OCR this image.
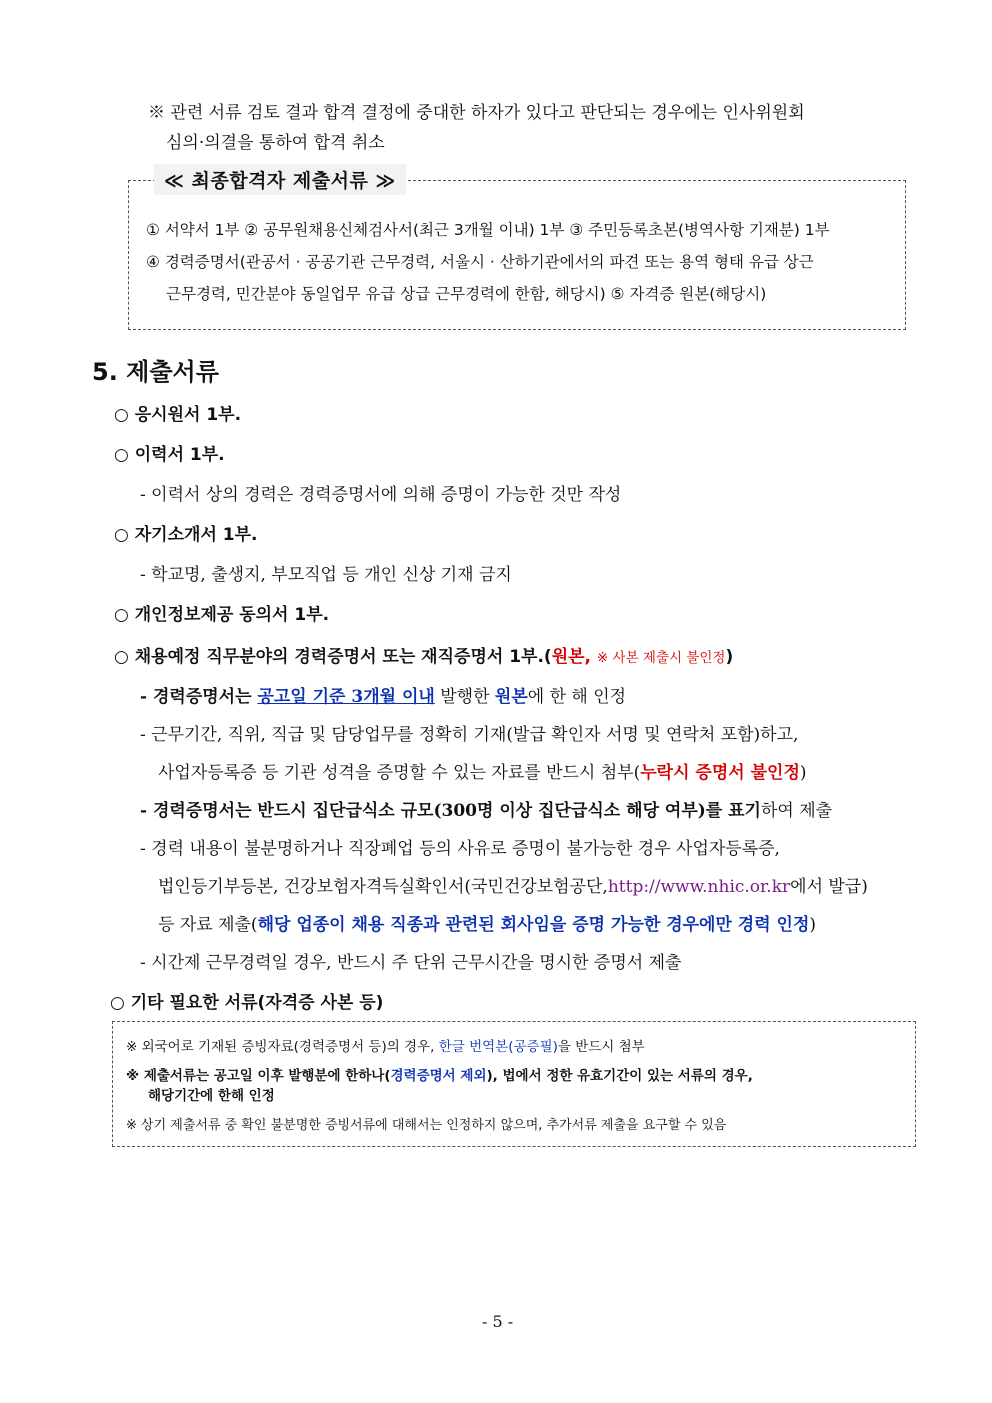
※ 관련 서류 검토 결과 합격 결정에 중대한 하자가 있다고 판단되는 경우에는 인사위원회
심의·의결을 통하여 합격 취소
≪ 최종합격자 제출서류 ≫
① 서약서 1부 ② 공무원채용신체검사서(최근 3개월 이내) 1부 ③ 주민등록초본(병역사항 기재분) 1부
④ 경력증명서(관공서 · 공공기관 근무경력, 서울시 · 산하기관에서의 파견 또는 용역 형태 유급 상근
근무경력, 민간분야 동일업무 유급 상급 근무경력에 한함, 해당시) ⑤ 자격증 원본(해당시)
5. 제출서류
○ 응시원서 1부.
○ 이력서 1부.
- 이력서 상의 경력은 경력증명서에 의해 증명이 가능한 것만 작성
○ 자기소개서 1부.
- 학교명, 출생지, 부모직업 등 개인 신상 기재 금지
○ 개인정보제공 동의서 1부.
○ 채용예정 직무분야의 경력증명서 또는 재직증명서 1부.(원본, ※ 사본 제출시 불인정)
- 경력증명서는 공고일 기준 3개월 이내 발행한 원본에 한 해 인정
- 근무기간, 직위, 직급 및 담당업무를 정확히 기재(발급 확인자 서명 및 연락처 포함)하고,
사업자등록증 등 기관 성격을 증명할 수 있는 자료를 반드시 첨부(누락시 증명서 불인정)
- 경력증명서는 반드시 집단급식소 규모(300명 이상 집단급식소 해당 여부)를 표기하여 제출
- 경력 내용이 불분명하거나 직장폐업 등의 사유로 증명이 불가능한 경우 사업자등록증,
법인등기부등본, 건강보험자격득실확인서(국민건강보험공단,http://www.nhic.or.kr에서 발급)
등 자료 제출(해당 업종이 채용 직종과 관련된 회사임을 증명 가능한 경우에만 경력 인정)
- 시간제 근무경력일 경우, 반드시 주 단위 근무시간을 명시한 증명서 제출
○ 기타 필요한 서류(자격증 사본 등)
※ 외국어로 기재된 증빙자료(경력증명서 등)의 경우, 한글 번역본(공증필)을 반드시 첨부
※ 제출서류는 공고일 이후 발행분에 한하나(경력증명서 제외), 법에서 정한 유효기간이 있는 서류의 경우,
해당기간에 한해 인정
※ 상기 제출서류 중 확인 불분명한 증빙서류에 대해서는 인정하지 않으며, 추가서류 제출을 요구할 수 있음
- 5 -
